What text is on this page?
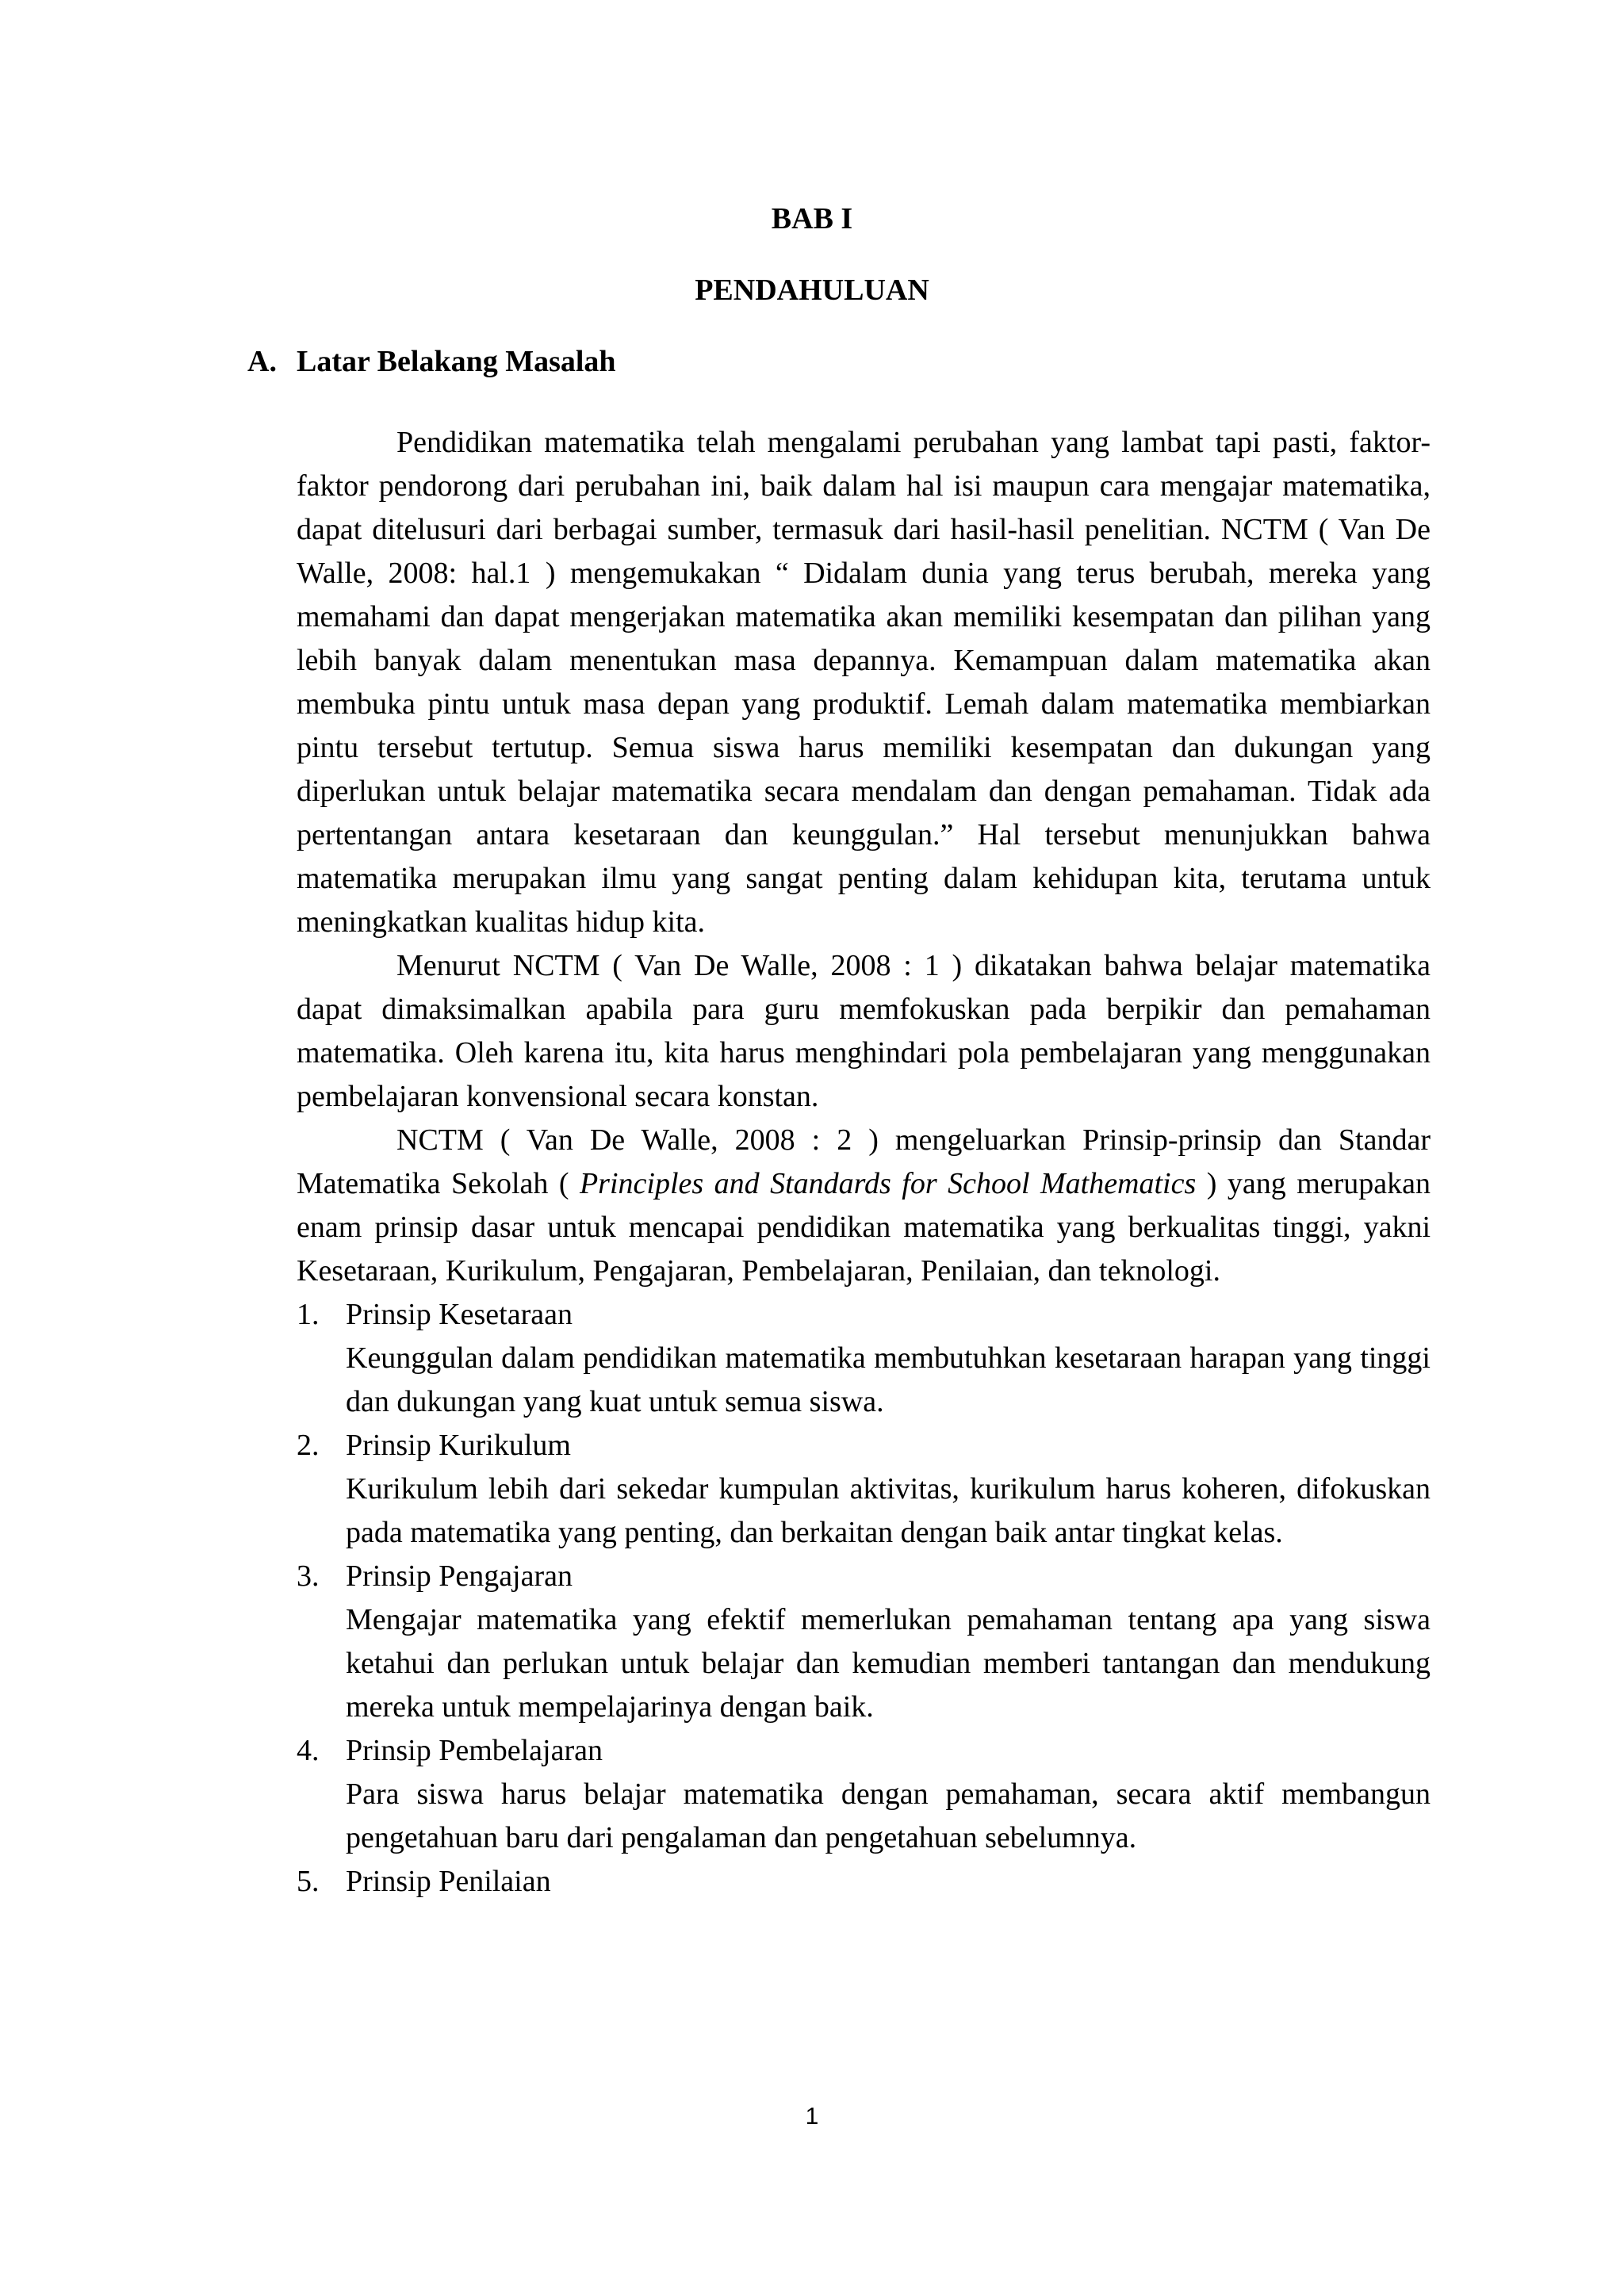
BAB I
PENDAHULUAN
A. Latar Belakang Masalah

Pendidikan matematika telah mengalami perubahan yang lambat tapi pasti, faktor-faktor pendorong dari perubahan ini, baik dalam hal isi maupun cara mengajar matematika, dapat ditelusuri dari berbagai sumber, termasuk dari hasil-hasil penelitian. NCTM ( Van De Walle, 2008: hal.1 ) mengemukakan “ Didalam dunia yang terus berubah, mereka yang memahami dan dapat mengerjakan matematika akan memiliki kesempatan dan pilihan yang lebih banyak dalam menentukan masa depannya. Kemampuan dalam matematika akan membuka pintu untuk masa depan yang produktif. Lemah dalam matematika membiarkan pintu tersebut tertutup. Semua siswa harus memiliki kesempatan dan dukungan yang diperlukan untuk belajar matematika secara mendalam dan dengan pemahaman. Tidak ada pertentangan antara kesetaraan dan keunggulan.” Hal tersebut menunjukkan bahwa matematika merupakan ilmu yang sangat penting dalam kehidupan kita, terutama untuk meningkatkan kualitas hidup kita.

Menurut NCTM ( Van De Walle, 2008 : 1 ) dikatakan bahwa belajar matematika dapat dimaksimalkan apabila para guru memfokuskan pada berpikir dan pemahaman matematika. Oleh karena itu, kita harus menghindari pola pembelajaran yang menggunakan pembelajaran konvensional secara konstan.

NCTM ( Van De Walle, 2008 : 2 ) mengeluarkan Prinsip-prinsip dan Standar Matematika Sekolah ( Principles and Standards for School Mathematics ) yang merupakan enam prinsip dasar untuk mencapai pendidikan matematika yang berkualitas tinggi, yakni Kesetaraan, Kurikulum, Pengajaran, Pembelajaran, Penilaian, dan teknologi.

1. Prinsip Kesetaraan
Keunggulan dalam pendidikan matematika membutuhkan kesetaraan harapan yang tinggi dan dukungan yang kuat untuk semua siswa.
2. Prinsip Kurikulum
Kurikulum lebih dari sekedar kumpulan aktivitas, kurikulum harus koheren, difokuskan pada matematika yang penting, dan berkaitan dengan baik antar tingkat kelas.
3. Prinsip Pengajaran
Mengajar matematika yang efektif memerlukan pemahaman tentang apa yang siswa ketahui dan perlukan untuk belajar dan kemudian memberi tantangan dan mendukung mereka untuk mempelajarinya dengan baik.
4. Prinsip Pembelajaran
Para siswa harus belajar matematika dengan pemahaman, secara aktif membangun pengetahuan baru dari pengalaman dan pengetahuan sebelumnya.
5. Prinsip Penilaian
1
